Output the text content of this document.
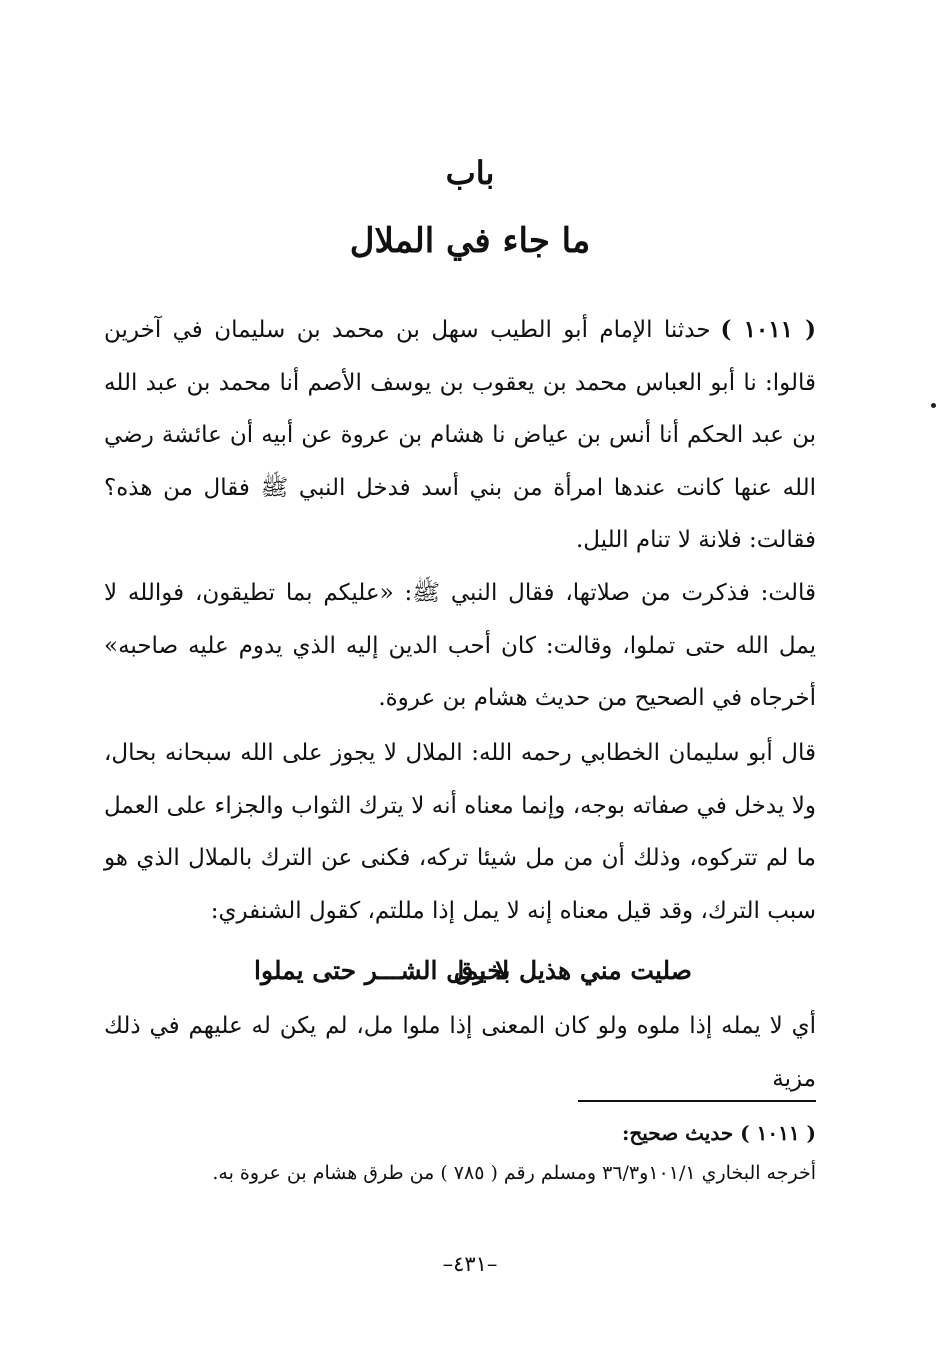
باب
ما جاء في الملال

( ١٠١١ )حدثنا الإمام أبو الطيب سهل بن محمد بن سليمان في آخرين قالوا: نا أبو العباس محمد بن يعقوب بن يوسف الأصم أنا محمد بن عبد الله بن عبد الحكم أنا أنس بن عياض نا هشام بن عروة عن أبيه أن عائشة رضي الله عنها كانت عندها امرأة من بني أسد فدخل النبي ﷺ فقال من هذه؟ فقالت: فلانة لا تنام الليل.

قالت: فذكرت من صلاتها، فقال النبي ﷺ: «عليكم بما تطيقون، فوالله لا يمل الله حتى تملوا، وقالت: كان أحب الدين إليه الذي يدوم عليه صاحبه» أخرجاه في الصحيح من حديث هشام بن عروة.

قال أبو سليمان الخطابي رحمه الله: الملال لا يجوز على الله سبحانه بحال، ولا يدخل في صفاته بوجه، وإنما معناه أنه لا يترك الثواب والجزاء على العمل ما لم تتركوه، وذلك أن من مل شيئا تركه، فكنى عن الترك بالملال الذي هو سبب الترك، وقد قيل معناه إنه لا يمل إذا مللتم، كقول الشنفري:

صليت مني هذيل بخرق
لا يمل الشـــر حتى يملوا

أي لا يمله إذا ملوه ولو كان المعنى إذا ملوا مل، لم يكن له عليهم في ذلك مزية

( ١٠١١ ) حديث صحيح:

أخرجه البخاري ١٠١/١و٣٦/٣ ومسلم رقم ( ٧٨٥ ) من طرق هشام بن عروة به.

–٤٣١–
